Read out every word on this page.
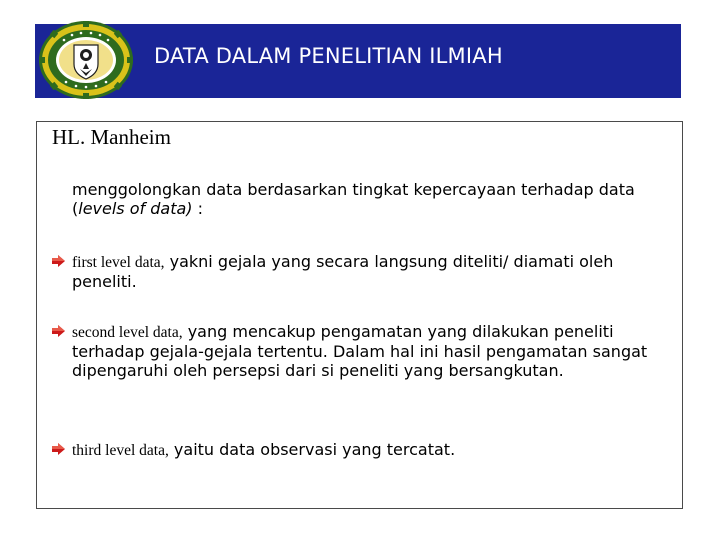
DATA DALAM PENELITIAN ILMIAH
HL. Manheim
menggolongkan data berdasarkan tingkat kepercayaan terhadap data (levels of data) :
first level data, yakni gejala yang secara langsung diteliti/ diamati oleh peneliti.
second level data, yang mencakup pengamatan yang dilakukan peneliti terhadap gejala-gejala tertentu. Dalam hal ini hasil pengamatan sangat dipengaruhi oleh persepsi dari si peneliti yang bersangkutan.
third level data, yaitu data observasi yang tercatat.
